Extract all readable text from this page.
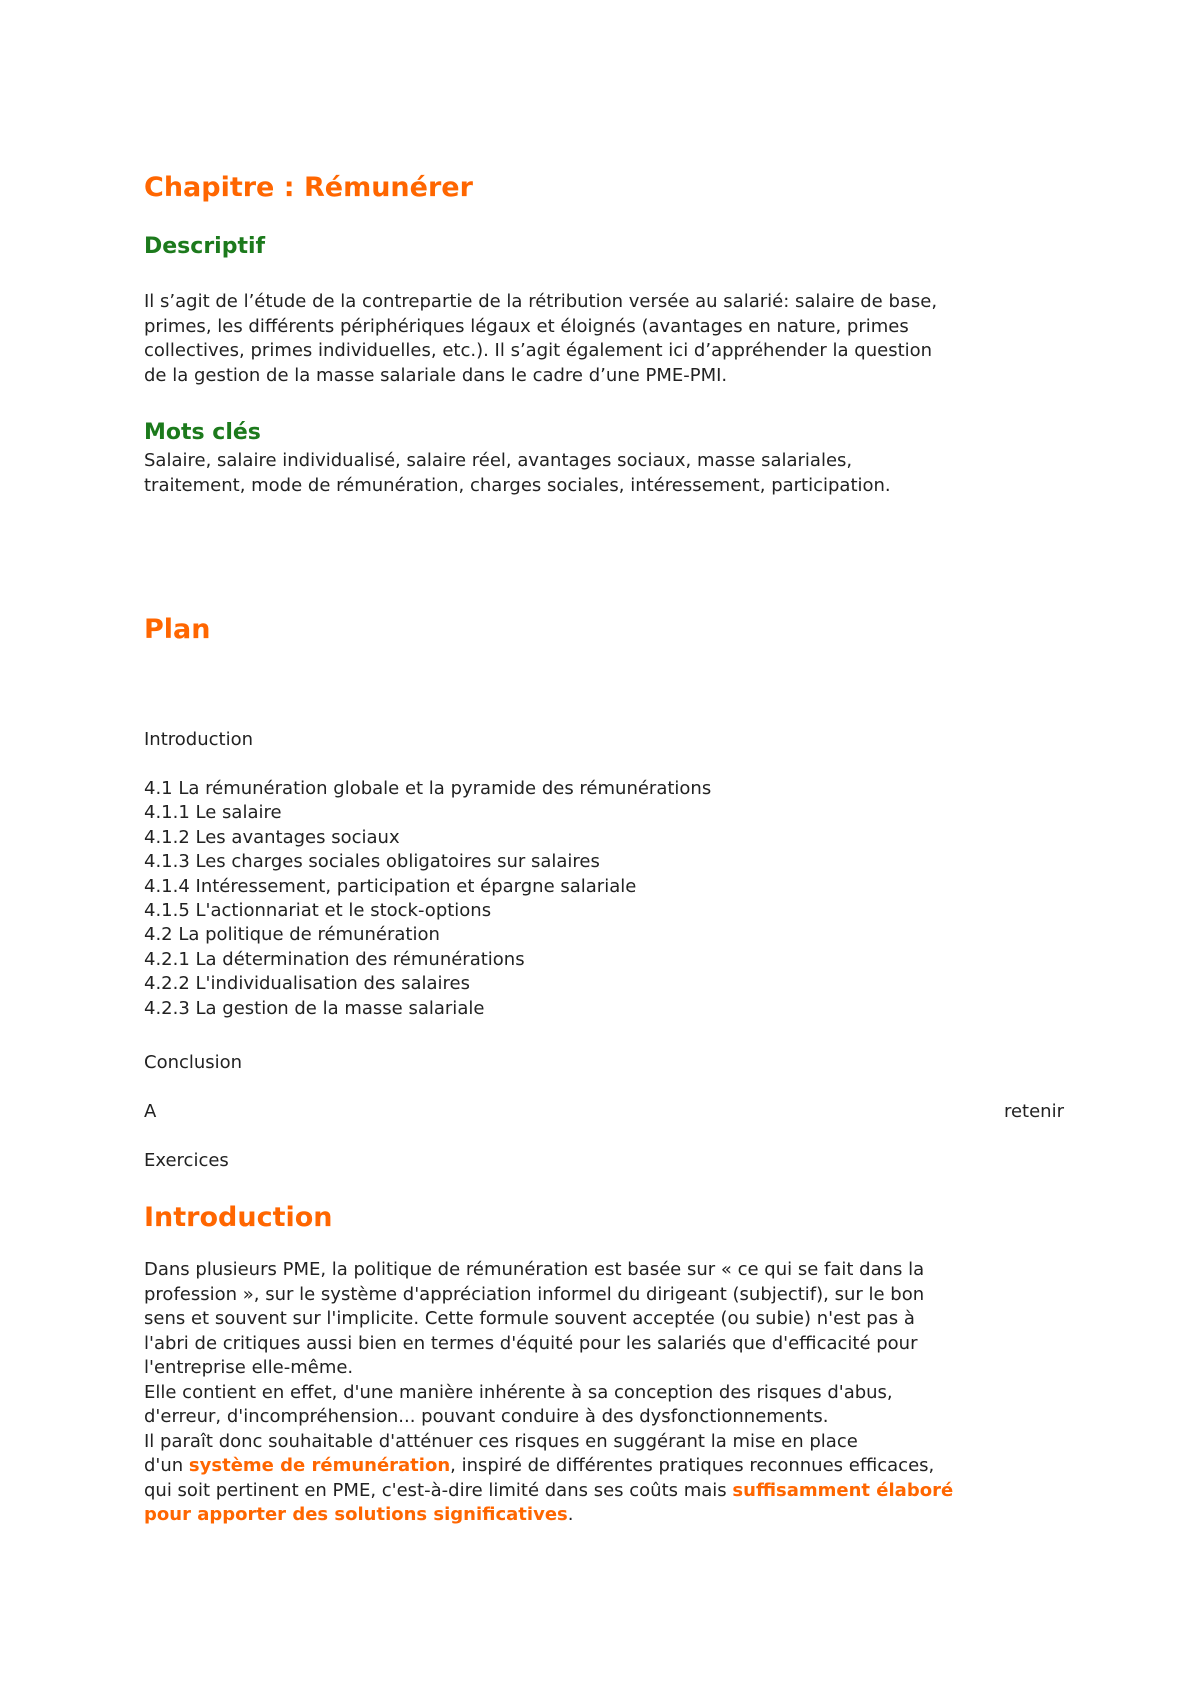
Chapitre : Rémunérer
Descriptif

Il s’agit de l’étude de la contrepartie de la rétribution versée au salarié: salaire de base,
primes, les différents périphériques légaux et éloignés (avantages en nature, primes
collectives, primes individuelles, etc.). Il s’agit également ici d’appréhender la question
de la gestion de la masse salariale dans le cadre d’une PME-PMI.

Mots clés

Salaire, salaire individualisé, salaire réel, avantages sociaux, masse salariales,
traitement, mode de rémunération, charges sociales, intéressement, participation.

Plan

Introduction

4.1 La rémunération globale et la pyramide des rémunérations
4.1.1 Le salaire
4.1.2 Les avantages sociaux
4.1.3 Les charges sociales obligatoires sur salaires
4.1.4 Intéressement, participation et épargne salariale
4.1.5 L'actionnariat et le stock-options
4.2 La politique de rémunération
4.2.1 La détermination des rémunérations
4.2.2 L'individualisation des salaires
4.2.3 La gestion de la masse salariale

Conclusion

A	retenir

Exercices

Introduction

Dans plusieurs PME, la politique de rémunération est basée sur « ce qui se fait dans la
profession », sur le système d'appréciation informel du dirigeant (subjectif), sur le bon
sens et souvent sur l'implicite. Cette formule souvent acceptée (ou subie) n'est pas à
l'abri de critiques aussi bien en termes d'équité pour les salariés que d'efficacité pour
l'entreprise elle-même.
Elle contient en effet, d'une manière inhérente à sa conception des risques d'abus,
d'erreur, d'incompréhension... pouvant conduire à des dysfonctionnements.
Il paraît donc souhaitable d'atténuer ces risques en suggérant la mise en place
d'un système de rémunération, inspiré de différentes pratiques reconnues efficaces,
qui soit pertinent en PME, c'est-à-dire limité dans ses coûts mais suffisamment élaboré
pour apporter des solutions significatives.
